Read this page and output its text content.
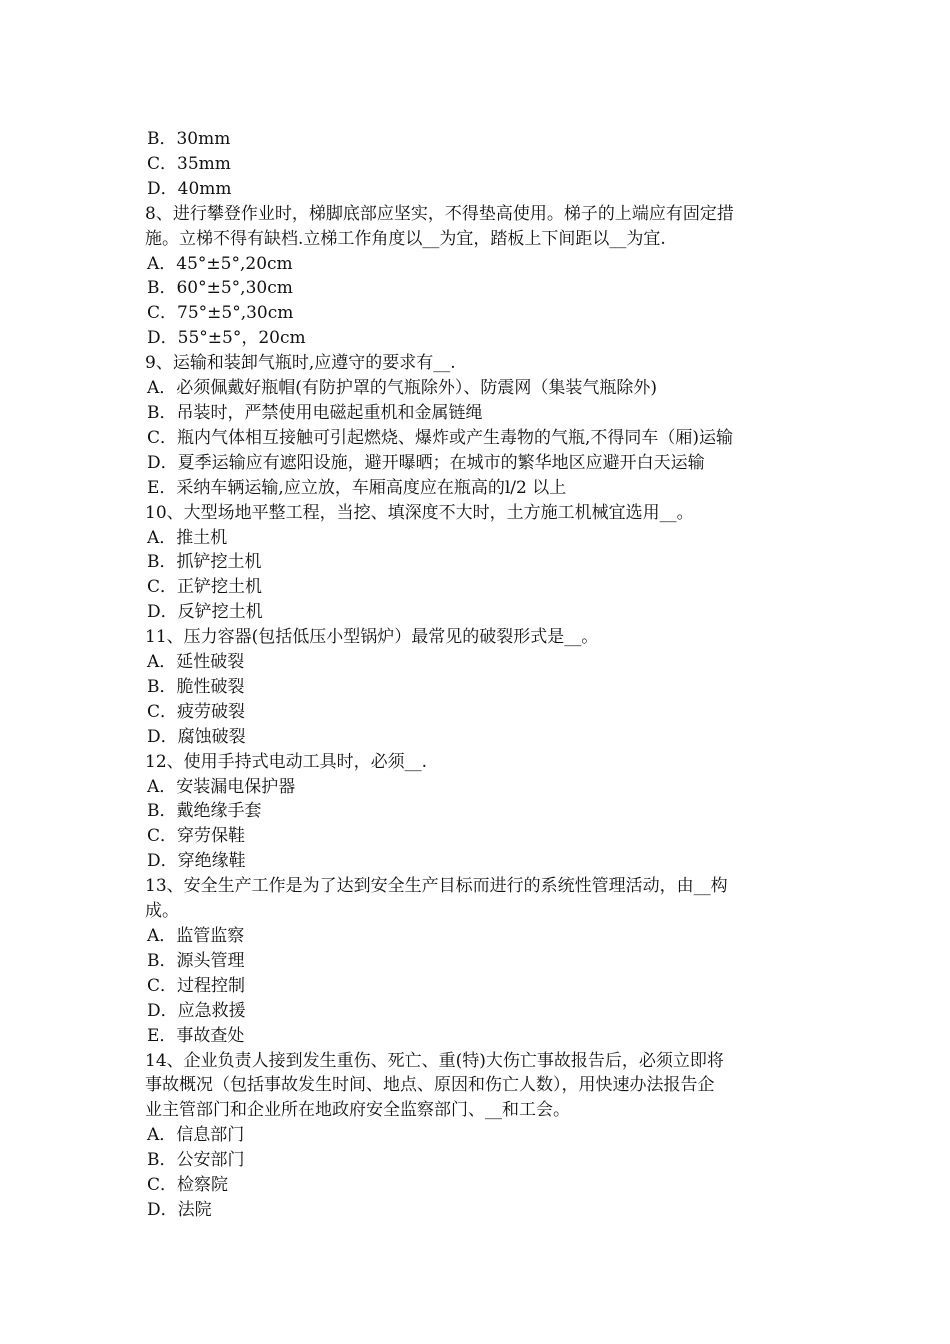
B．30mm
C．35mm
D．40mm
8、进行攀登作业时，梯脚底部应坚实，不得垫高使用。梯子的上端应有固定措
施。立梯不得有缺档.立梯工作角度以__为宜，踏板上下间距以__为宜.
A．45°±5°,20cm
B．60°±5°,30cm
C．75°±5°,30cm
D．55°±5°，20cm
9、运输和装卸气瓶时,应遵守的要求有__.
A．必须佩戴好瓶帽(有防护罩的气瓶除外）、防震网（集装气瓶除外)
B．吊装时，严禁使用电磁起重机和金属链绳
C．瓶内气体相互接触可引起燃烧、爆炸或产生毒物的气瓶,不得同车（厢)运输
D．夏季运输应有遮阳设施，避开曝晒；在城市的繁华地区应避开白天运输
E．采纳车辆运输,应立放，车厢高度应在瓶高的l/2 以上
10、大型场地平整工程，当挖、填深度不大时，土方施工机械宜选用__。
A．推土机
B．抓铲挖土机
C．正铲挖土机
D．反铲挖土机
11、压力容器(包括低压小型锅炉）最常见的破裂形式是__。
A．延性破裂
B．脆性破裂
C．疲劳破裂
D．腐蚀破裂
12、使用手持式电动工具时，必须__.
A．安装漏电保护器
B．戴绝缘手套
C．穿劳保鞋
D．穿绝缘鞋
13、安全生产工作是为了达到安全生产目标而进行的系统性管理活动，由__构
成。
A．监管监察
B．源头管理
C．过程控制
D．应急救援
E．事故查处
14、企业负责人接到发生重伤、死亡、重(特)大伤亡事故报告后，必须立即将
事故概况（包括事故发生时间、地点、原因和伤亡人数），用快速办法报告企
业主管部门和企业所在地政府安全监察部门、__和工会。
A．信息部门
B．公安部门
C．检察院
D．法院
